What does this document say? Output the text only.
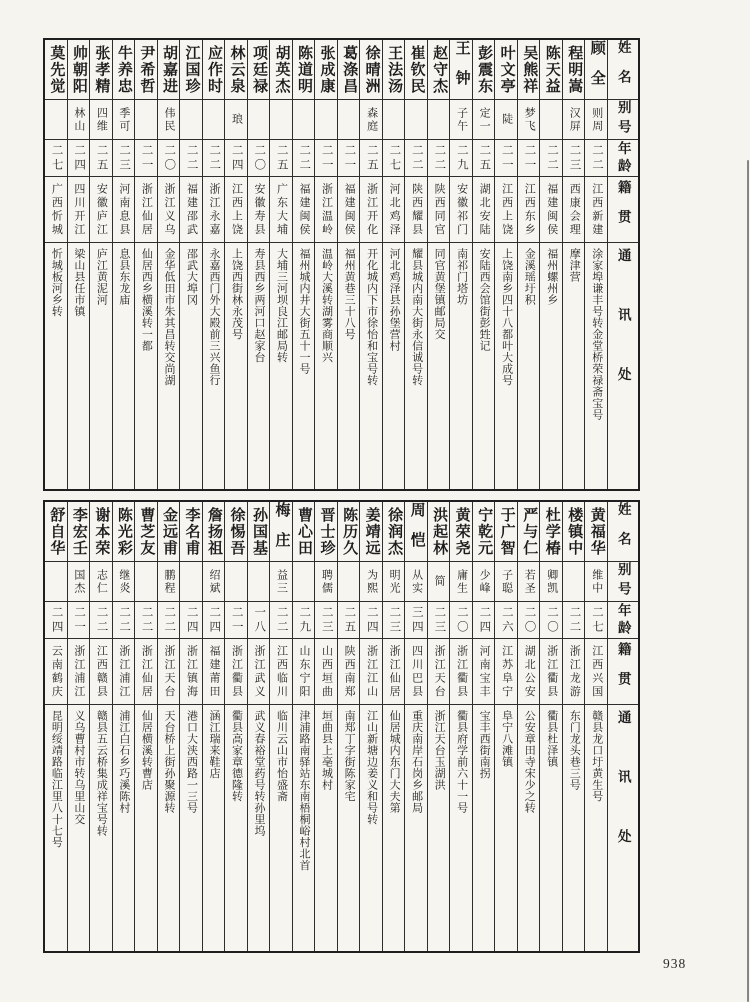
姓名
别号
年龄
籍贯
通讯处
顾全
则周
二二
江西新建
涂家埠谦丰号转金堂桥荣禄斋宝号
程明嵩
汉屏
二三
西康会理
摩津营
陈天益
二二
福建闽侯
福州螺州乡
吴熊祥
梦飞
二一
江西东乡
金溪瑶圩积
叶文亭
陡
二一
江西上饶
上饶南乡四十八都叶大成号
彭震东
定一
二五
湖北安陆
安陆西会馆街彭甡记
王钟
子午
二九
安徽祁门
南祁门塔坊
赵守杰
二二
陕西同官
同官黄堡镇邮局交
崔钦民
二二
陕西耀县
耀县城内南大街永信诚号转
王法汤
二七
河北鸡泽
河北鸡泽县孙堡营村
徐晴洲
森庭
二五
浙江开化
开化城内下市徐怡和宝号转
葛涤昌
二一
福建闽侯
福州黄巷三十八号
张成康
二一
浙江温岭
温岭大溪转湖雾商顺兴
陈道明
二二
福建闽侯
福州城内井大街五十一号
胡英杰
二五
广东大埔
大埔三河坝良江邮局转
项廷禄
二〇
安徽寿县
寿县西乡两河口赵家台
林云泉
琅
二四
江西上饶
上饶西街林永茂号
应作时
二二
浙江永嘉
永嘉西门外大殿前三兴鱼行
江国珍
二二
福建邵武
邵武大埠冈
胡嘉进
伟民
二〇
浙江义乌
金华低田市朱其昌转交尚湖
尹希哲
二一
浙江仙居
仙居西乡横溪转一都
牛养忠
季可
二三
河南息县
息县东龙庙
张孝精
四维
二五
安徽庐江
庐江黄泥河
帅朝阳
林山
二四
四川开江
梁山县任市镇
莫先觉
二七
广西忻城
忻城板河乡转
姓名
别号
年龄
籍贯
通讯处
黄福华
维中
二七
江西兴国
赣县龙口圩黄生号
楼镇中
二二
浙江龙游
东门龙头巷三号
杜学椿
卿凯
二〇
浙江衢县
衢县杜泽镇
严与仁
若圣
二〇
湖北公安
公安章田寺宋少之转
于广智
子聪
二六
江苏阜宁
阜宁八滩镇
宁乾元
少峰
二四
河南宝丰
宝丰西街南拐
黄荣尧
庸生
二〇
浙江衢县
衢县府学前六十一号
洪起林
简
二三
浙江天台
浙江天台玉湖洪
周恺
从实
三四
四川巴县
重庆南岸石岗乡邮局
徐润杰
明光
二三
浙江仙居
仙居城内东门大夫第
姜靖远
为熙
二四
浙江江山
江山新塘边姜义和号转
陈历久
二五
陕西南郑
南郑丁字街陈家宅
晋士珍
聘儒
二三
山西垣曲
垣曲县上亳城村
曹心田
二九
山东宁阳
津浦路南驿站东南梧桐峪村北首
梅庄
益三
二二
江西临川
临川云山市怡盛斋
孙国基
一八
浙江武义
武义春裕堂药号转孙里坞
徐惕吾
二一
浙江衢县
衢县高家章德隆转
詹扬祖
绍斌
二四
福建莆田
涵江瑞来鞋店
李名甫
二四
浙江镇海
港口大浃西路一三号
金远甫
鹏程
二二
浙江天台
天台桥上街孙聚源转
曹芝友
二二
浙江仙居
仙居横溪转曹店
陈光彩
继炎
二二
浙江浦江
浦江白石乡巧溪陈村
谢本荣
志仁
二二
江西赣县
赣县五云桥集成祥宝号转
李宏壬
国杰
二一
浙江浦江
义乌曹村市转乌里山交
舒自华
二四
云南鹤庆
昆明绥靖路临江里八十七号
938
